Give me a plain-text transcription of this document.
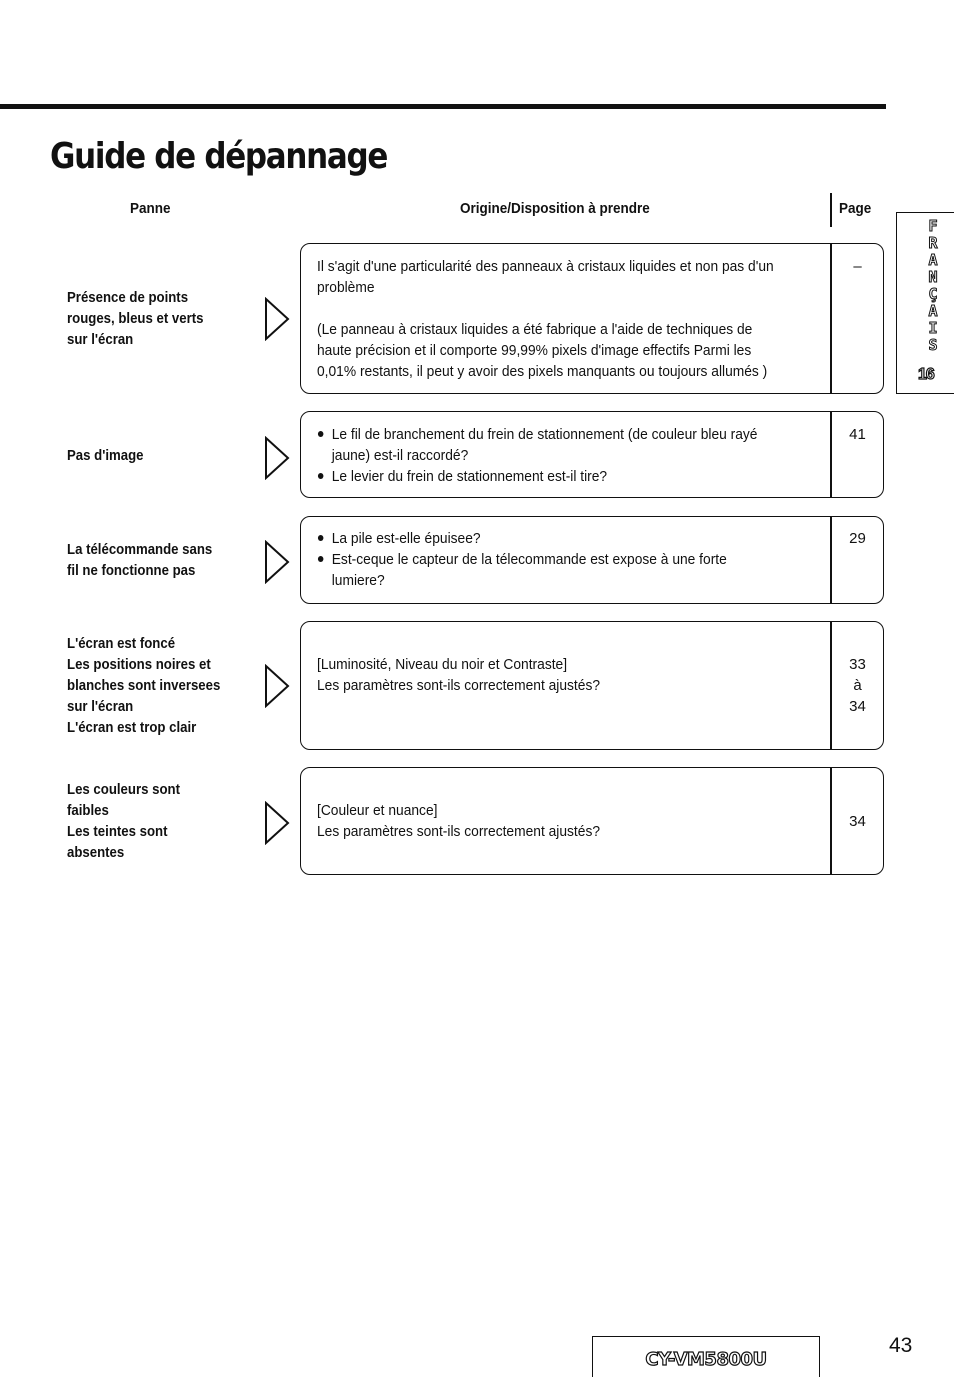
Guide de dépannage
Panne	Origine/Disposition à prendre	Page
Présence de points
rouges, bleus et verts
sur l'écran

Il s'agit d'une particularité des panneaux à cristaux liquides et non pas d'un problème

(Le panneau à cristaux liquides a été fabrique a l'aide de techniques de haute précision et il comporte 99,99% pixels d'image effectifs Parmi les 0,01% restants, il peut y avoir des pixels manquants ou toujours allumés )

–
Pas d'image
Le fil de branchement du frein de stationnement (de couleur bleu rayé jaune) est-il raccordé?
Le levier du frein de stationnement est-il tire?
41
La télécommande sans
fil ne fonctionne pas
La pile est-elle épuisee?
Est-ceque le capteur de la télecommande est expose à une forte lumiere?
29
L'écran est foncé
Les positions noires et
blanches sont inversees
sur l'écran
L'écran est trop clair

[Luminosité, Niveau du noir et Contraste]

Les paramètres sont-ils correctement ajustés?

33
à
34
Les couleurs sont
faibles
Les teintes sont
absentes

[Couleur et nuance]

Les paramètres sont-ils correctement ajustés?

34
F
R
A
N
Ç
A
I
S
16
CY-VM5800U
43
